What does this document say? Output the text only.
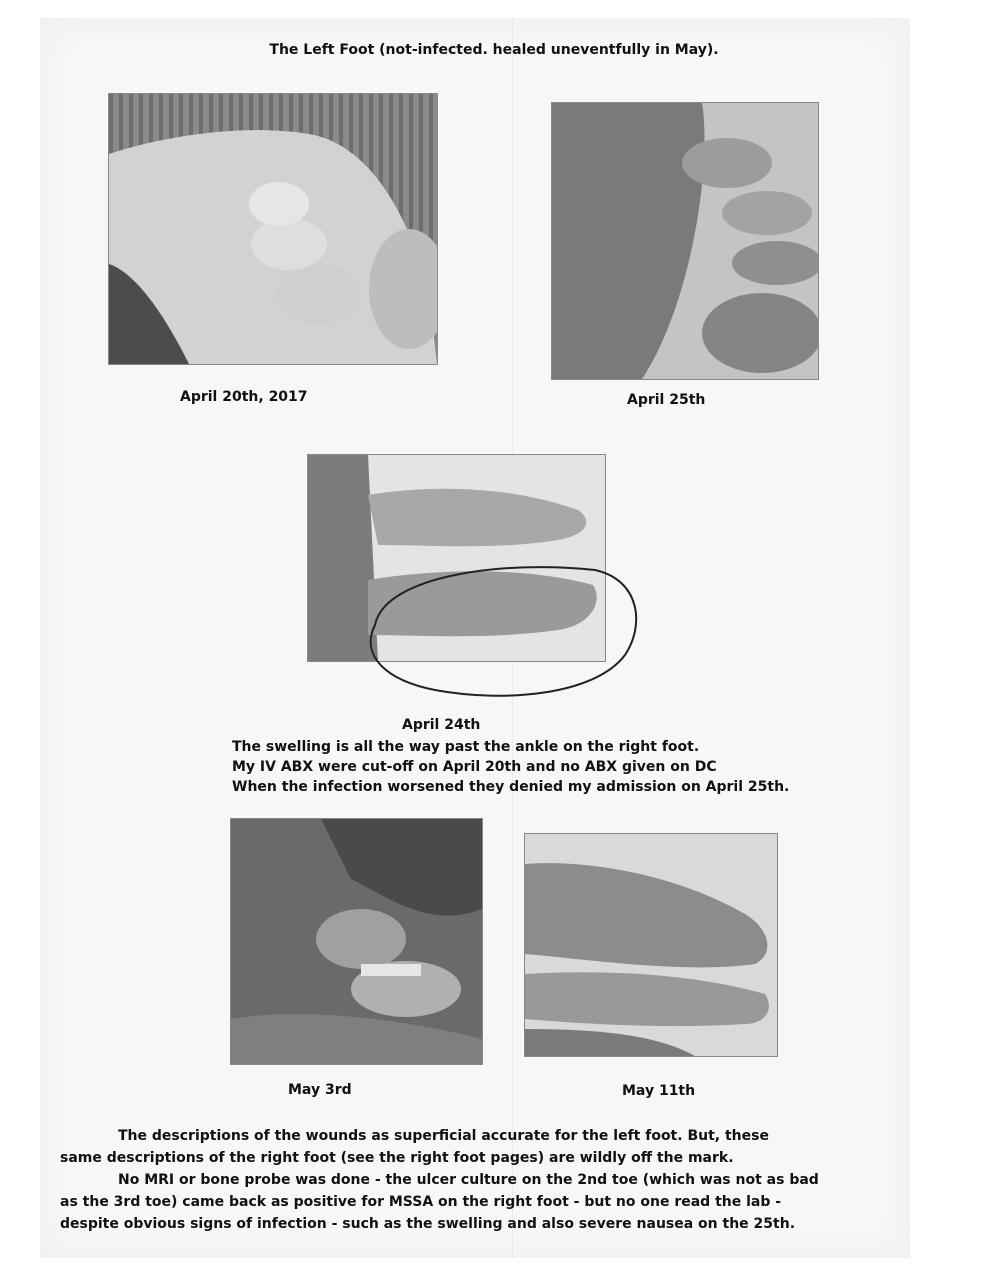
The Left Foot (not-infected. healed uneventfully in May).
April 20th, 2017	April 25th
April 24th
The swelling is all the way past the ankle on the right foot.
My IV ABX were cut-off on April 20th and no ABX given on DC
When the infection worsened they denied my admission on April 25th.
May 3rd	May 11th
The descriptions of the wounds as superficial accurate for the left foot. But, these
same descriptions of the right foot (see the right foot pages) are wildly off the mark.
No MRI or bone probe was done - the ulcer culture on the 2nd toe (which was not as bad
as the 3rd toe) came back as positive for MSSA on the right foot - but no one read the lab -
despite obvious signs of infection - such as the swelling and also severe nausea on the 25th.
